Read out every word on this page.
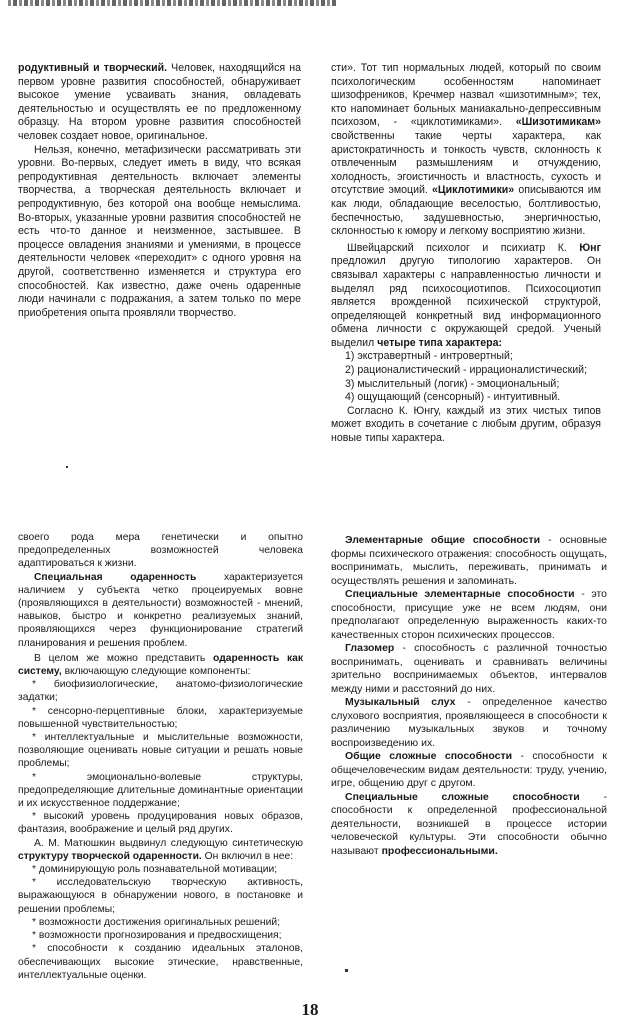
родуктивный и творческий. Человек, находящийся на первом уровне развития способностей, обнаруживает высокое умение усваивать знания, овладевать деятельностью и осуществлять ее по предложенному образцу. На втором уровне развития способностей человек создает новое, оригинальное.

Нельзя, конечно, метафизически рассматривать эти уровни. Во-первых, следует иметь в виду, что всякая репродуктивная деятельность включает элементы творчества, а творческая деятельность включает и репродуктивную, без которой она вообще немыслима. Во-вторых, указанные уровни развития способностей не есть что-то данное и неизменное, застывшее. В процессе овладения знаниями и умениями, в процессе деятельности человек «переходит» с одного уровня на другой, соответственно изменяется и структура его способностей. Как известно, даже очень одаренные люди начинали с подражания, а затем только по мере приобретения опыта проявляли творчество.

сти». Тот тип нормальных людей, который по своим психологическим особенностям напоминает шизофреников, Кречмер назвал «шизотимным»; тех, кто напоминает больных маниакально-депрессивным психозом, - «циклотимиками». «Шизотимикам» свойственны такие черты характера, как аристократичность и тонкость чувств, склонность к отвлеченным размышлениям и отчуждению, холодность, эгоистичность и властность, сухость и отсутствие эмоций. «Циклотимики» описываются им как люди, обладающие веселостью, болтливостью, беспечностью, задушевностью, энергичностью, склонностью к юмору и легкому восприятию жизни.

Швейцарский психолог и психиатр К. Юнг предложил другую типологию характеров. Он связывал характеры с направленностью личности и выделял ряд психосоциотипов. Психосоциотип является врожденной психической структурой, определяющей конкретный вид информационного обмена личности с окружающей средой. Ученый выделил четыре типа характера:

1) экстравертный - интровертный;

2) рационалистический - иррационалистический;

3) мыслительный (логик) - эмоциональный;

4) ощущающий (сенсорный) - интуитивный.

Согласно К. Юнгу, каждый из этих чистых типов может входить в сочетание с любым другим, образуя новые типы характера.

своего рода мера генетически и опытно предопределенных возможностей человека адаптироваться к жизни.

Специальная одаренность характеризуется наличием у субъекта четко процеируемых вовне (проявляющихся в деятельности) возможностей - мнений, навыков, быстро и конкретно реализуемых знаний, проявляющихся через функционирование стратегий планирования и решения проблем.

В целом же можно представить одаренность как систему, включающую следующие компоненты:

* биофизиологические, анатомо-физиологические задатки;

* сенсорно-перцептивные блоки, характеризуемые повышенной чувствительностью;

* интеллектуальные и мыслительные возможности, позволяющие оценивать новые ситуации и решать новые проблемы;

* эмоционально-волевые структуры, предопределяющие длительные доминантные ориентации и их искусственное поддержание;

* высокий уровень продуцирования новых образов, фантазия, воображение и целый ряд других.

А. М. Матюшкин выдвинул следующую синтетическую структуру творческой одаренности. Он включил в нее:

* доминирующую роль познавательной мотивации;

* исследовательскую творческую активность, выражающуюся в обнаружении нового, в постановке и решении проблемы;

* возможности достижения оригинальных решений;

* возможности прогнозирования и предвосхищения;

* способности к созданию идеальных эталонов, обеспечивающих высокие этические, нравственные, интеллектуальные оценки.

Элементарные общие способности - основные формы психического отражения: способность ощущать, воспринимать, мыслить, переживать, принимать и осуществлять решения и запоминать.

Специальные элементарные способности - это способности, присущие уже не всем людям, они предполагают определенную выраженность каких-то качественных сторон психических процессов.

Глазомер - способность с различной точностью воспринимать, оценивать и сравнивать величины зрительно воспринимаемых объектов, интервалов между ними и расстояний до них.

Музыкальный слух - определенное качество слухового восприятия, проявляющееся в способности к различению музыкальных звуков и точному воспроизведению их.

Общие сложные способности - способности к общечеловеческим видам деятельности: труду, учению, игре, общению друг с другом.

Специальные сложные способности - способности к определенной профессиональной деятельности, возникшей в процессе истории человеческой культуры. Эти способности обычно называют профессиональными.

18
